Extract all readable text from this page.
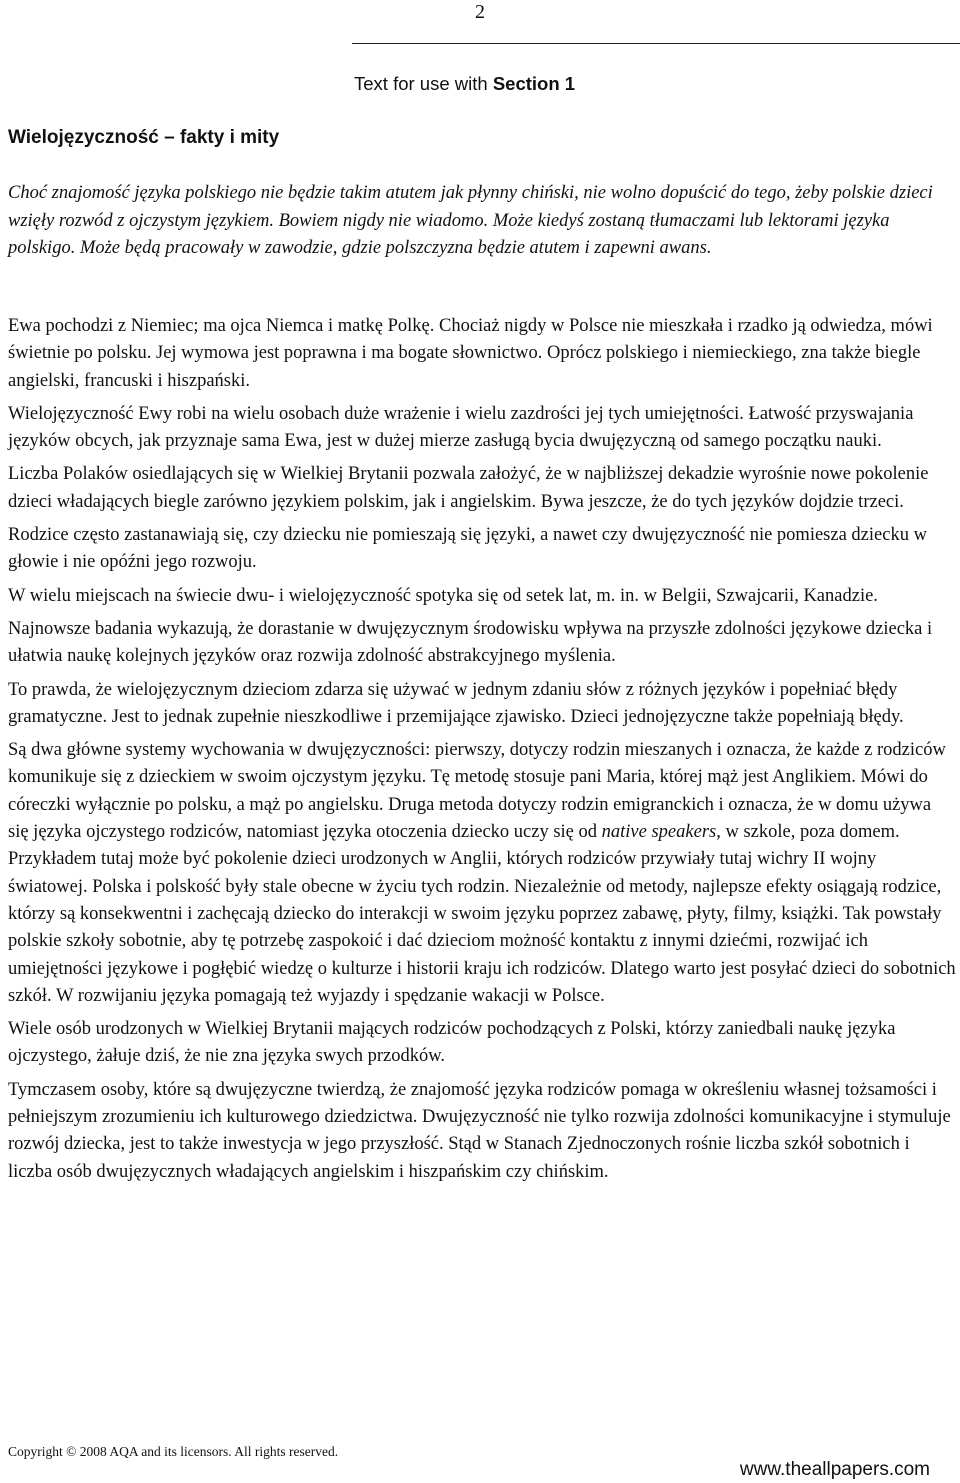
2
Text for use with Section 1
Wielojęzyczność – fakty i mity
Choć znajomość języka polskiego nie będzie takim atutem jak płynny chiński, nie wolno dopuścić do tego, żeby polskie dzieci wzięły rozwód z ojczystym językiem. Bowiem nigdy nie wiadomo. Może kiedyś zostaną tłumaczami lub lektorami języka polskigo. Może będą pracowały w zawodzie, gdzie polszczyzna będzie atutem i zapewni awans.

Ewa pochodzi z Niemiec; ma ojca Niemca i matkę Polkę. Chociaż nigdy w Polsce nie mieszkała i rzadko ją odwiedza, mówi świetnie po polsku. Jej wymowa jest poprawna i ma bogate słownictwo. Oprócz polskiego i niemieckiego, zna także biegle angielski, francuski i hiszpański.

Wielojęzyczność Ewy robi na wielu osobach duże wrażenie i wielu zazdrości jej tych umiejętności. Łatwość przyswajania języków obcych, jak przyznaje sama Ewa, jest w dużej mierze zasługą bycia dwujęzyczną od samego początku nauki.

Liczba Polaków osiedlających się w Wielkiej Brytanii pozwala założyć, że w najbliższej dekadzie wyrośnie nowe pokolenie dzieci władających biegle zarówno językiem polskim, jak i angielskim. Bywa jeszcze, że do tych języków dojdzie trzeci.

Rodzice często zastanawiają się, czy dziecku nie pomieszają się języki, a nawet czy dwujęzyczność nie pomiesza dziecku w głowie i nie opóźni jego rozwoju.

W wielu miejscach na świecie dwu- i wielojęzyczność spotyka się od setek lat, m. in. w Belgii, Szwajcarii, Kanadzie.

Najnowsze badania wykazują, że dorastanie w dwujęzycznym środowisku wpływa na przyszłe zdolności językowe dziecka i ułatwia naukę kolejnych języków oraz rozwija zdolność abstrakcyjnego myślenia.

To prawda, że wielojęzycznym dzieciom zdarza się używać w jednym zdaniu słów z różnych języków i popełniać błędy gramatyczne. Jest to jednak zupełnie nieszkodliwe i przemijające zjawisko. Dzieci jednojęzyczne także popełniają błędy.

Są dwa główne systemy wychowania w dwujęzyczności: pierwszy, dotyczy rodzin mieszanych i oznacza, że każde z rodziców komunikuje się z dzieckiem w swoim ojczystym języku. Tę metodę stosuje pani Maria, której mąż jest Anglikiem. Mówi do córeczki wyłącznie po polsku, a mąż po angielsku. Druga metoda dotyczy rodzin emigranckich i oznacza, że w domu używa się języka ojczystego rodziców, natomiast języka otoczenia dziecko uczy się od native speakers, w szkole, poza domem. Przykładem tutaj może być pokolenie dzieci urodzonych w Anglii, których rodziców przywiały tutaj wichry II wojny światowej. Polska i polskość były stale obecne w życiu tych rodzin. Niezależnie od metody, najlepsze efekty osiągają rodzice, którzy są konsekwentni i zachęcają dziecko do interakcji w swoim języku poprzez zabawę, płyty, filmy, książki. Tak powstały polskie szkoły sobotnie, aby tę potrzebę zaspokoić i dać dzieciom możność kontaktu z innymi dziećmi, rozwijać ich umiejętności językowe i pogłębić wiedzę o kulturze i historii kraju ich rodziców. Dlatego warto jest posyłać dzieci do sobotnich szkół. W rozwijaniu języka pomagają też wyjazdy i spędzanie wakacji w Polsce.

Wiele osób urodzonych w Wielkiej Brytanii mających rodziców pochodzących z Polski, którzy zaniedbali naukę języka ojczystego, żałuje dziś, że nie zna języka swych przodków.

Tymczasem osoby, które są dwujęzyczne twierdzą, że znajomość języka rodziców pomaga w określeniu własnej tożsamości i pełniejszym zrozumieniu ich kulturowego dziedzictwa. Dwujęzyczność nie tylko rozwija zdolności komunikacyjne i stymuluje rozwój dziecka, jest to także inwestycja w jego przyszłość. Stąd w Stanach Zjednoczonych rośnie liczba szkół sobotnich i liczba osób dwujęzycznych władających angielskim i hiszpańskim czy chińskim.

Copyright © 2008 AQA and its licensors. All rights reserved.
www.theallpapers.com
